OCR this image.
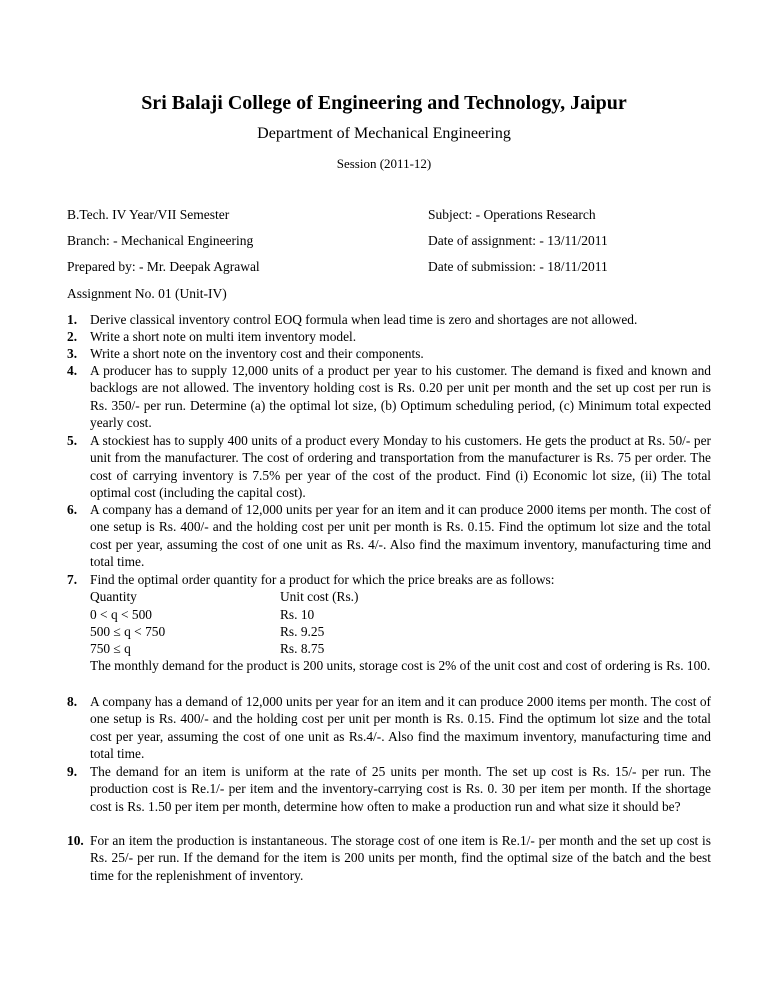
Sri Balaji College of Engineering and Technology, Jaipur
Department of Mechanical Engineering
Session (2011-12)
B.Tech. IV Year/VII Semester	Subject: - Operations Research
Branch: - Mechanical Engineering	Date of assignment: - 13/11/2011
Prepared by: - Mr. Deepak Agrawal	Date of submission: - 18/11/2011
Assignment No. 01 (Unit-IV)
1. Derive classical inventory control EOQ formula when lead time is zero and shortages are not allowed.
2. Write a short note on multi item inventory model.
3. Write a short note on the inventory cost and their components.
4. A producer has to supply 12,000 units of a product per year to his customer. The demand is fixed and known and backlogs are not allowed. The inventory holding cost is Rs. 0.20 per unit per month and the set up cost per run is Rs. 350/- per run. Determine (a) the optimal lot size, (b) Optimum scheduling period, (c) Minimum total expected yearly cost.
5. A stockiest has to supply 400 units of a product every Monday to his customers. He gets the product at Rs. 50/- per unit from the manufacturer. The cost of ordering and transportation from the manufacturer is Rs. 75 per order. The cost of carrying inventory is 7.5% per year of the cost of the product. Find (i) Economic lot size, (ii) The total optimal cost (including the capital cost).
6. A company has a demand of 12,000 units per year for an item and it can produce 2000 items per month. The cost of one setup is Rs. 400/- and the holding cost per unit per month is Rs. 0.15. Find the optimum lot size and the total cost per year, assuming the cost of one unit as Rs. 4/-. Also find the maximum inventory, manufacturing time and total time.
7. Find the optimal order quantity for a product for which the price breaks are as follows:
Quantity	Unit cost (Rs.)
0 < q < 500	Rs. 10
500 ≤ q < 750	Rs. 9.25
750 ≤ q	Rs. 8.75
The monthly demand for the product is 200 units, storage cost is 2% of the unit cost and cost of ordering is Rs. 100.
8. A company has a demand of 12,000 units per year for an item and it can produce 2000 items per month. The cost of one setup is Rs. 400/- and the holding cost per unit per month is Rs. 0.15. Find the optimum lot size and the total cost per year, assuming the cost of one unit as Rs.4/-. Also find the maximum inventory, manufacturing time and total time.
9. The demand for an item is uniform at the rate of 25 units per month. The set up cost is Rs. 15/- per run. The production cost is Re.1/- per item and the inventory-carrying cost is Rs. 0. 30 per item per month. If the shortage cost is Rs. 1.50 per item per month, determine how often to make a production run and what size it should be?
10. For an item the production is instantaneous. The storage cost of one item is Re.1/- per month and the set up cost is Rs. 25/- per run. If the demand for the item is 200 units per month, find the optimal size of the batch and the best time for the replenishment of inventory.
